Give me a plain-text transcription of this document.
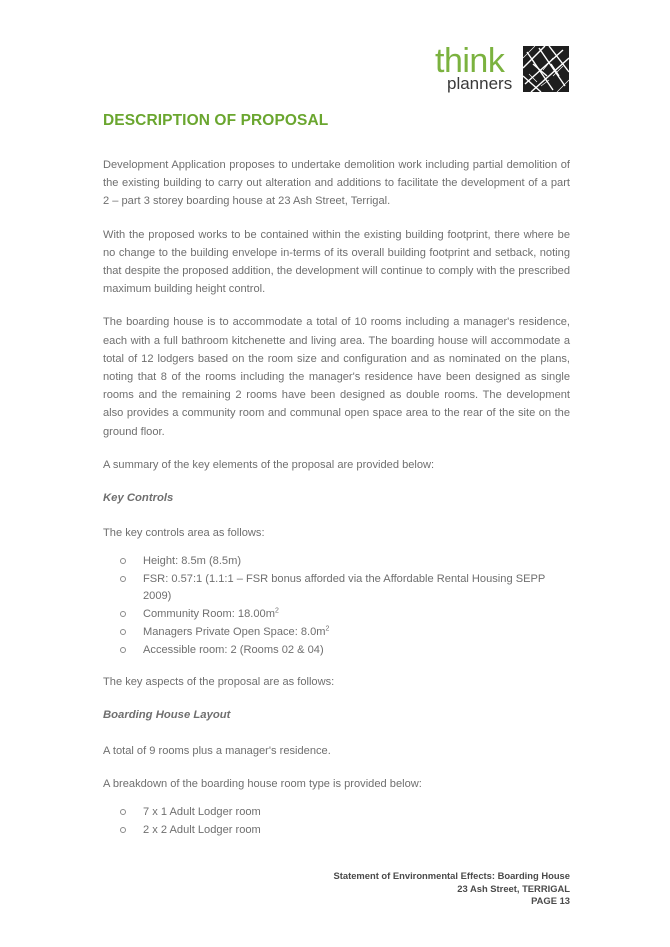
think
planners
DESCRIPTION OF PROPOSAL

Development Application proposes to undertake demolition work including partial demolition of the existing building to carry out alteration and additions to facilitate the development of a part 2 – part 3 storey boarding house at 23 Ash Street, Terrigal.

With the proposed works to be contained within the existing building footprint, there where be no change to the building envelope in-terms of its overall building footprint and setback, noting that despite the proposed addition, the development will continue to comply with the prescribed maximum building height control.

The boarding house is to accommodate a total of 10 rooms including a manager's residence, each with a full bathroom kitchenette and living area. The boarding house will accommodate a total of 12 lodgers based on the room size and configuration and as nominated on the plans, noting that 8 of the rooms including the manager's residence have been designed as single rooms and the remaining 2 rooms have been designed as double rooms. The development also provides a community room and communal open space area to the rear of the site on the ground floor.

A summary of the key elements of the proposal are provided below:

Key Controls

The key controls area as follows:

Height: 8.5m (8.5m)
FSR: 0.57:1 (1.1:1 – FSR bonus afforded via the Affordable Rental Housing SEPP 2009)
Community Room: $18.00m^2$
Managers Private Open Space: $8.0m^2$
Accessible room: 2 (Rooms 02 & 04)

The key aspects of the proposal are as follows:

Boarding House Layout

A total of 9 rooms plus a manager's residence.

A breakdown of the boarding house room type is provided below:

7 x 1 Adult Lodger room
2 x 2 Adult Lodger room
Statement of Environmental Effects: Boarding House
23 Ash Street, TERRIGAL
PAGE 13
